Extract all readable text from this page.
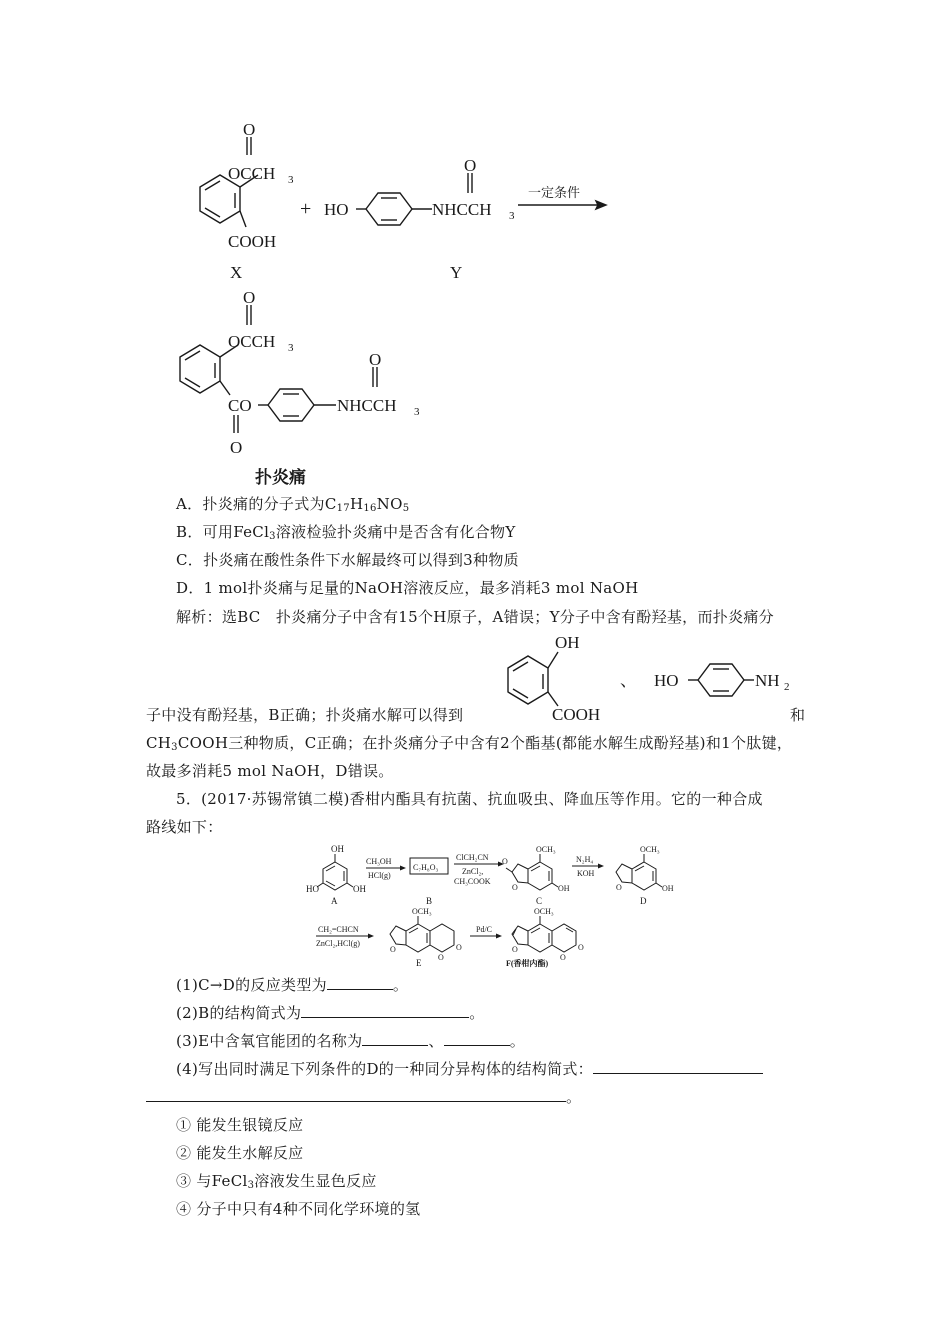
O
OCCH 3
COOH
X
+ HO
O
NHCCH 3
Y
一定条件
O
OCCH 3
CO
O
O
NHCCH 3
扑炎痛
A．扑炎痛的分子式为$C_{17}H_{16}NO_5$
B．可用FeCl$_3$溶液检验扑炎痛中是否含有化合物Y
C．扑炎痛在酸性条件下水解最终可以得到3种物质
D．1 mol扑炎痛与足量的NaOH溶液反应，最多消耗3 mol NaOH
解析：选BC　扑炎痛分子中含有15个H原子，A错误；Y分子中含有酚羟基，而扑炎痛分
OH
COOH
、 HO	NH 2
子中没有酚羟基，B正确；扑炎痛水解可以得到	和
$CH_3COOH$三种物质，C正确；在扑炎痛分子中含有2个酯基(都能水解生成酚羟基)和1个肽键，
故最多消耗5 mol NaOH，D错误。
5．(2017·苏锡常镇二模)香柑内酯具有抗菌、抗血吸虫、降血压等作用。它的一种合成
路线如下：
OH
HO	OH
A
CH₃OH
HCl(g)
C₇H₈O₃
B
ClCH₂CN
ZnCl₂,
CH₃COOK
OCH₃
O
O	OH
C
N₂H₄
KOH
OCH₃
O	OH
D
CH₂=CHCN
ZnCl₂,HCl(g)
OCH₃
O
O
O
E
Pd/C
OCH₃
O
O
O
F(香柑内酯)
(1)C→D的反应类型为	。
(2)B的结构简式为	。
(3)E中含氧官能团的名称为	、	。
(4)写出同时满足下列条件的D的一种同分异构体的结构简式：
。
① 能发生银镜反应
② 能发生水解反应
③ 与FeCl$_3$溶液发生显色反应
④ 分子中只有4种不同化学环境的氢
